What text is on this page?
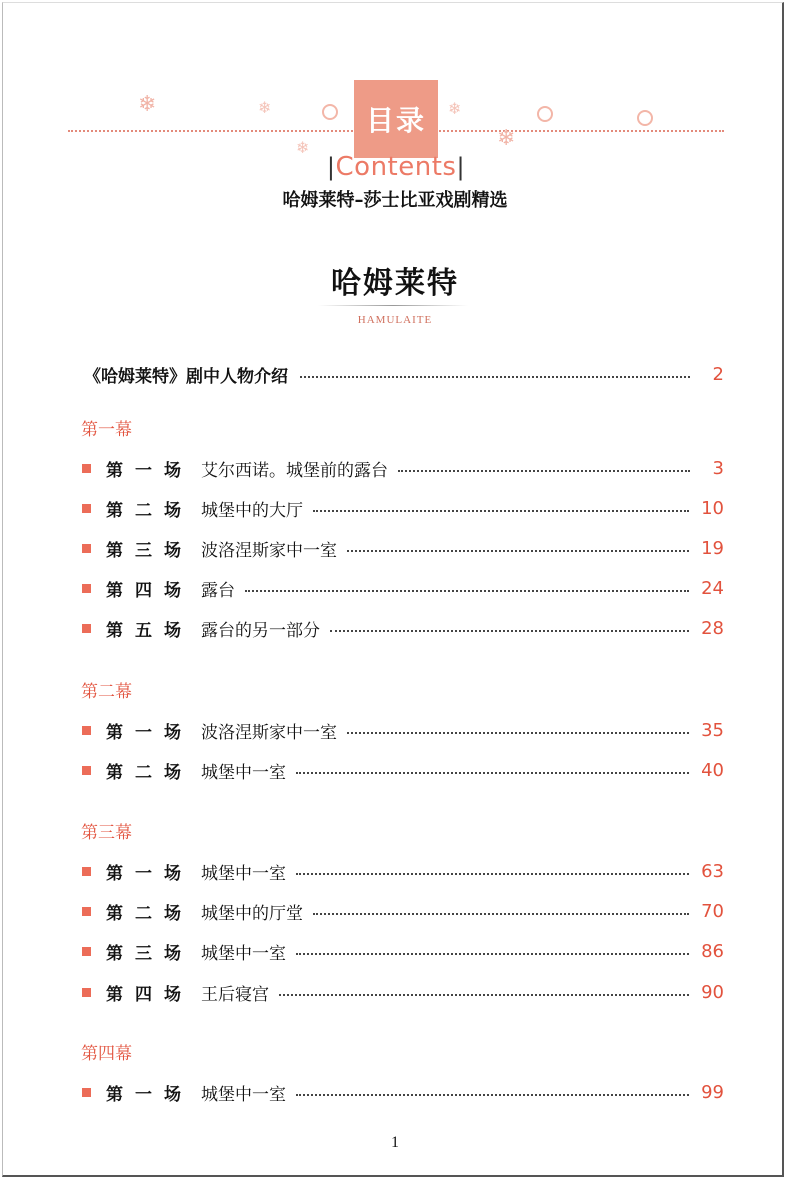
❄	❄
❄
❄
❄
目录
|Contents|
哈姆莱特–莎士比亚戏剧精选
哈姆莱特
HAMULAITE
《哈姆莱特》剧中人物介绍	2
第一幕
第一场 艾尔西诺。城堡前的露台	3
第二场 城堡中的大厅	10
第三场 波洛涅斯家中一室	19
第四场 露台	24
第五场 露台的另一部分	28
第二幕
第一场 波洛涅斯家中一室	35
第二场 城堡中一室	40
第三幕
第一场 城堡中一室	63
第二场 城堡中的厅堂	70
第三场 城堡中一室	86
第四场 王后寝宫	90
第四幕
第一场 城堡中一室	99
1
